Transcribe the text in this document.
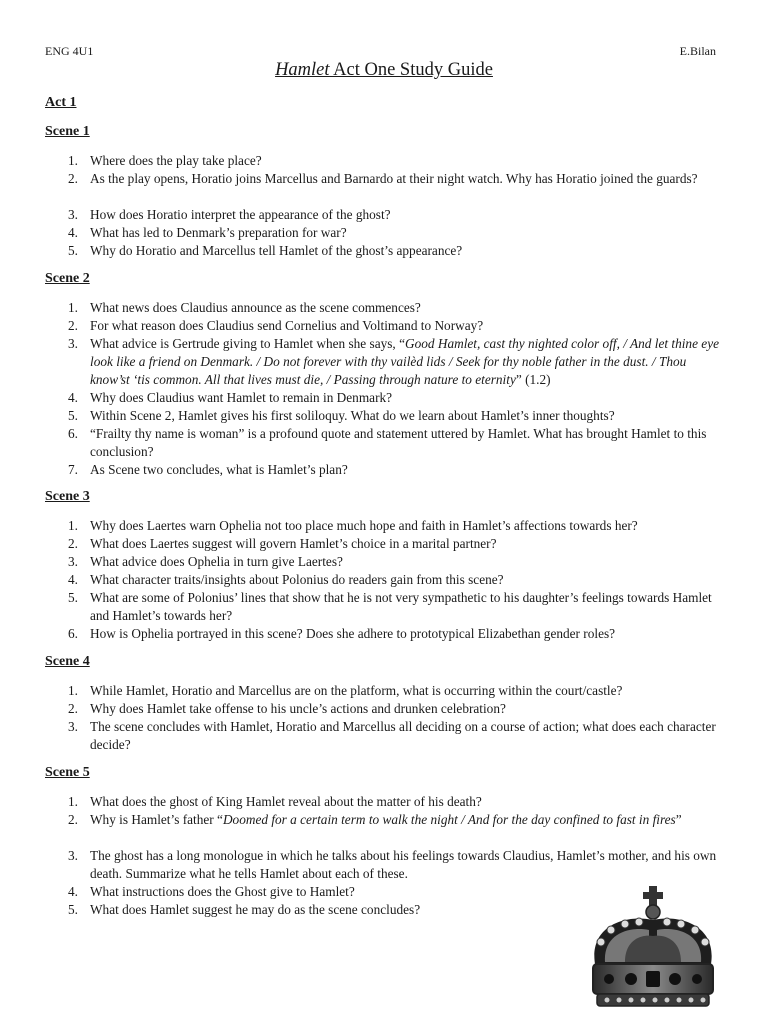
ENG 4U1	E.Bilan
Hamlet Act One Study Guide
Act 1
Scene 1
1. Where does the play take place?
2. As the play opens, Horatio joins Marcellus and Barnardo at their night watch. Why has Horatio joined the guards?
3. How does Horatio interpret the appearance of the ghost?
4. What has led to Denmark’s preparation for war?
5. Why do Horatio and Marcellus tell Hamlet of the ghost’s appearance?
Scene 2
1. What news does Claudius announce as the scene commences?
2. For what reason does Claudius send Cornelius and Voltimand to Norway?
3. What advice is Gertrude giving to Hamlet when she says, “Good Hamlet, cast thy nighted color off, / And let thine eye look like a friend on Denmark. / Do not forever with thy vailèd lids / Seek for thy noble father in the dust. / Thou know’st ‘tis common. All that lives must die, / Passing through nature to eternity” (1.2)
4. Why does Claudius want Hamlet to remain in Denmark?
5. Within Scene 2, Hamlet gives his first soliloquy. What do we learn about Hamlet’s inner thoughts?
6. “Frailty thy name is woman” is a profound quote and statement uttered by Hamlet. What has brought Hamlet to this conclusion?
7. As Scene two concludes, what is Hamlet’s plan?
Scene 3
1. Why does Laertes warn Ophelia not too place much hope and faith in Hamlet’s affections towards her?
2. What does Laertes suggest will govern Hamlet’s choice in a marital partner?
3. What advice does Ophelia in turn give Laertes?
4. What character traits/insights about Polonius do readers gain from this scene?
5. What are some of Polonius’ lines that show that he is not very sympathetic to his daughter’s feelings towards Hamlet and Hamlet’s towards her?
6. How is Ophelia portrayed in this scene? Does she adhere to prototypical Elizabethan gender roles?
Scene 4
1. While Hamlet, Horatio and Marcellus are on the platform, what is occurring within the court/castle?
2. Why does Hamlet take offense to his uncle’s actions and drunken celebration?
3. The scene concludes with Hamlet, Horatio and Marcellus all deciding on a course of action; what does each character decide?
Scene 5
1. What does the ghost of King Hamlet reveal about the matter of his death?
2. Why is Hamlet’s father “Doomed for a certain term to walk the night / And for the day confined to fast in fires”
3. The ghost has a long monologue in which he talks about his feelings towards Claudius, Hamlet’s mother, and his own death. Summarize what he tells Hamlet about each of these.
4. What instructions does the Ghost give to Hamlet?
5. What does Hamlet suggest he may do as the scene concludes?
